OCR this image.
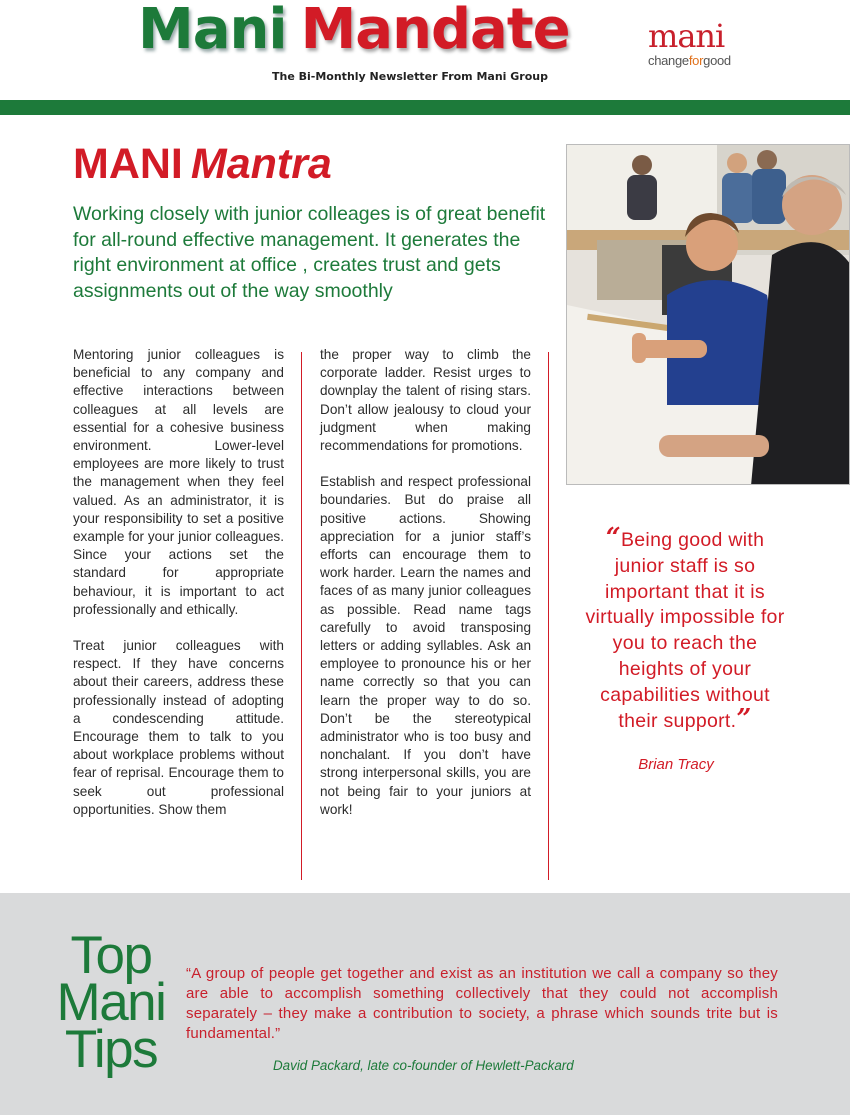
Mani Mandate
The Bi-Monthly Newsletter From Mani Group
mani
changeforgood
MANI Mantra
Working closely with junior colleages is of great benefit for all-round effective management. It generates the right environment at office , creates trust and gets assignments out of the way smoothly

Mentoring junior colleagues is beneficial to any company and effective interactions between colleagues at all levels are essential for a cohesive business environment. Lower-level employees are more likely to trust the management when they feel valued. As an administrator, it is your responsibility to set a positive example for your junior colleagues. Since your actions set the standard for appropriate behaviour, it is important to act professionally and ethically.

Treat junior colleagues with respect. If they have concerns about their careers, address these professionally instead of adopting a condescending attitude. Encourage them to talk to you about workplace problems without fear of reprisal. Encourage them to seek out professional opportunities. Show them

the proper way to climb the corporate ladder. Resist urges to downplay the talent of rising stars. Don’t allow jealousy to cloud your judgment when making recommendations for promotions.

Establish and respect professional boundaries. But do praise all positive actions. Showing appreciation for a junior staff’s efforts can encourage them to work harder. Learn the names and faces of as many junior colleagues as possible. Read name tags carefully to avoid transposing letters or adding syllables. Ask an employee to pronounce his or her name correctly so that you can learn the proper way to do so. Don’t be the stereotypical administrator who is too busy and nonchalant. If you don’t have strong interpersonal skills, you are not being fair to your juniors at work!

“Being good with junior staff is so important that it is virtually impossible for you to reach the heights of your capabilities without their support.”
Brian Tracy
Top
Mani
Tips
“A group of people get together and exist as an institution we call a company so they are able to accomplish something collectively that they could not accomplish separately – they make a contribution to society, a phrase which sounds trite but is fundamental.”
David Packard, late co-founder of Hewlett-Packard
